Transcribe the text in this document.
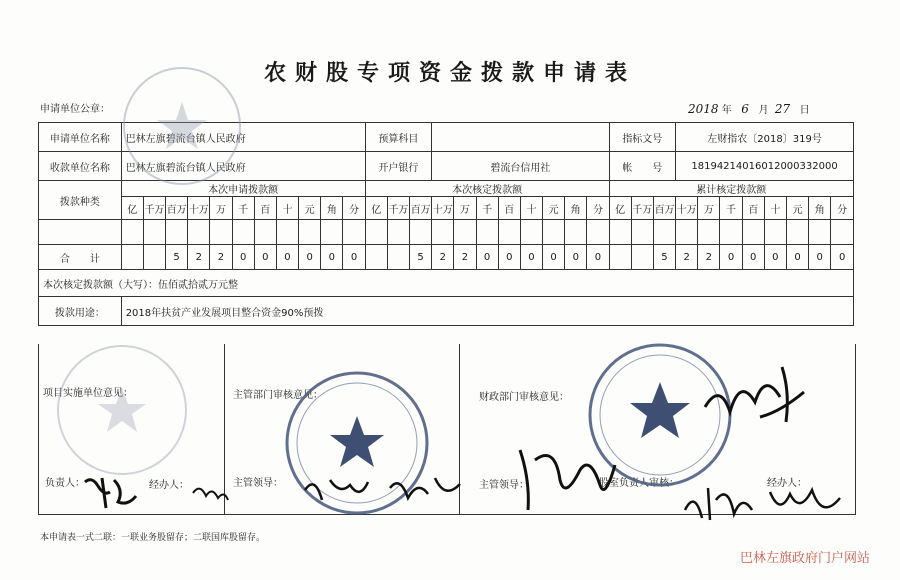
农财股专项资金拨款申请表
申请单位公章：	2018 年 6 月 27 日
申请单位名称	巴林左旗碧流台镇人民政府											预算科目											指标文号			左财指农〔2018〕319号							
收款单位名称	巴林左旗碧流台镇人民政府											开户银行			碧流台信用社								帐　　号			18194214016012000332000							
拨款种类	本次申请拨款额											本次核定拨款额											累计核定拨款额										
	亿	千万	百万	十万	万	千	百	十	元	角	分	亿	千万	百万	十万	万	千	百	十	元	角	分	亿	千万	百万	十万	万	千	百	十	元	角	分

合　　计			5	2	2	0	0	0	0	0	0			5	2	2	0	0	0	0	0	0			5	2	2	0	0	0	0	0	0
本次核定拨款额（大写）：伍佰贰拾贰万元整																																	
拨款用途：	2018年扶贫产业发展项目整合资金90%预拨																																
项目实施单位意见：
负责人：	经办人：
主管部门审核意见：
主管领导：
财政部门审核意见：
主管领导：	股室负责人审核：	经办人：
本申请表一式二联：一联业务股留存；二联国库股留存。
巴林左旗政府门户网站
